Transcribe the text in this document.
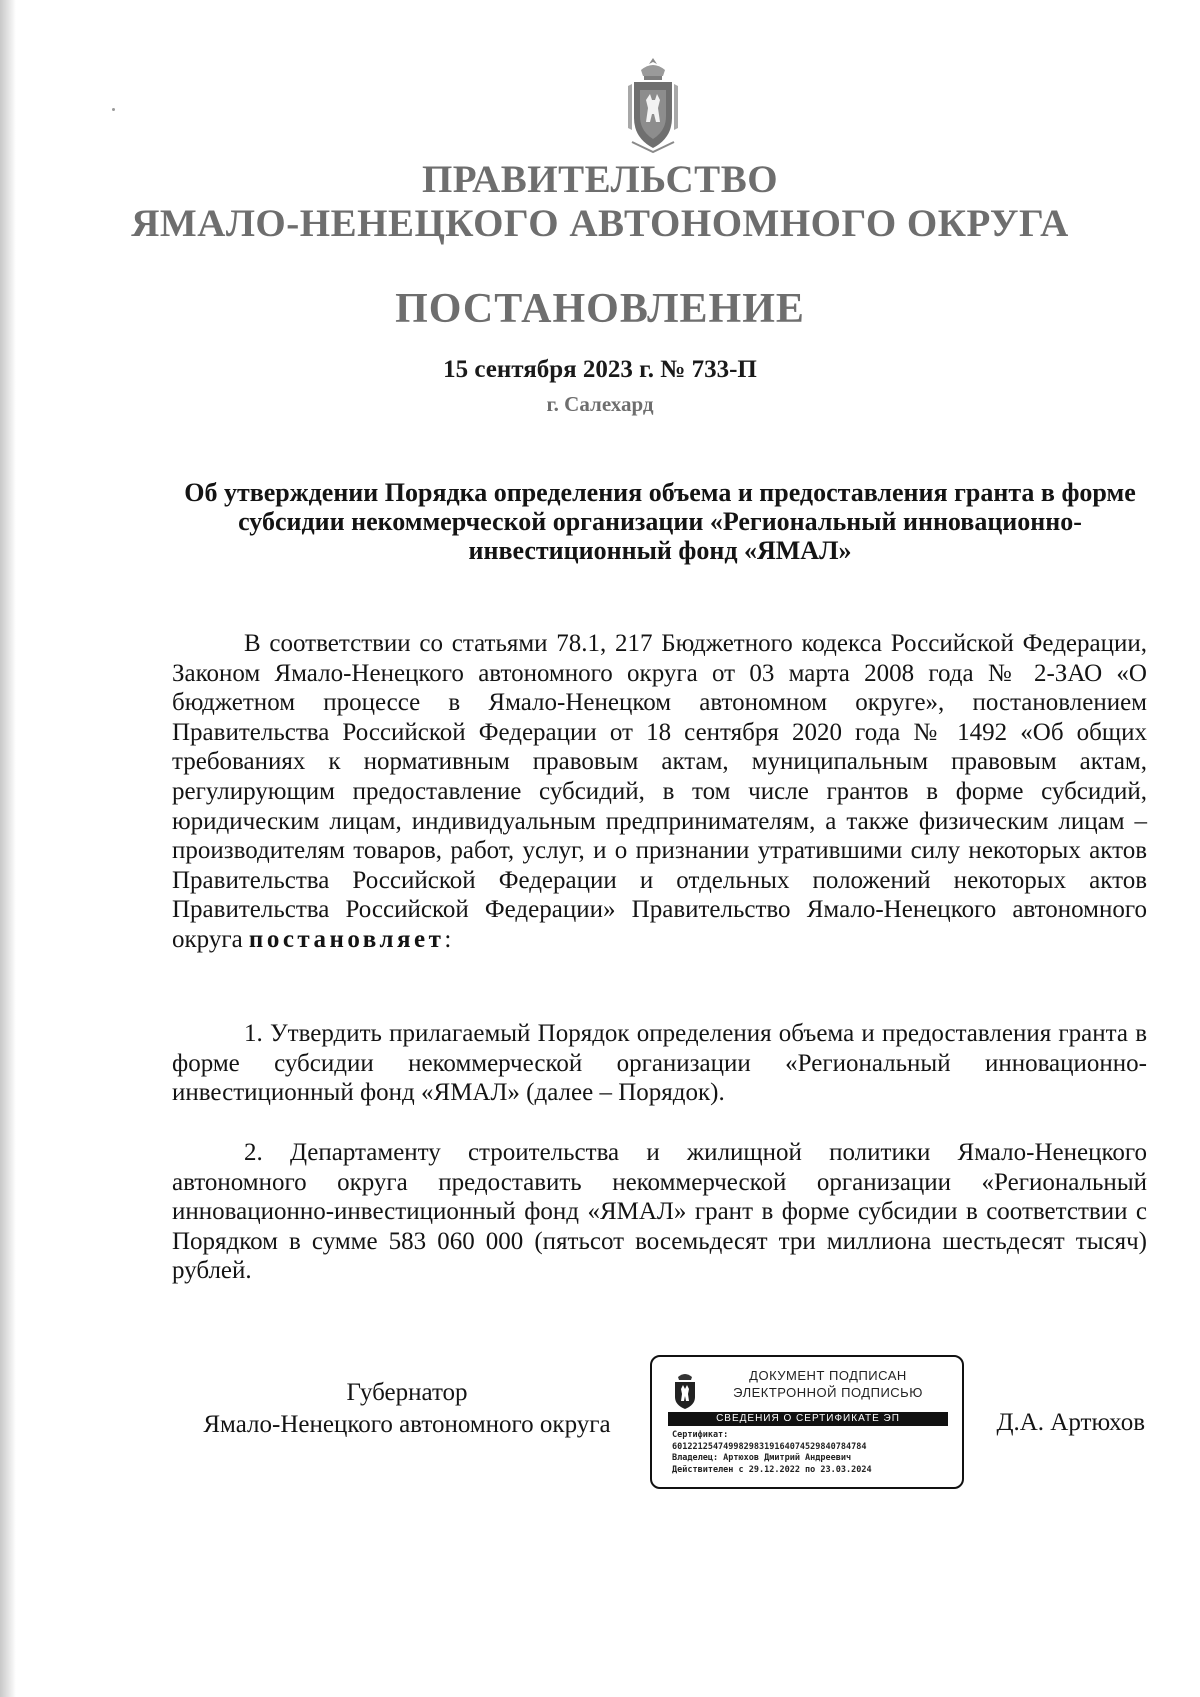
ПРАВИТЕЛЬСТВО
ЯМАЛО-НЕНЕЦКОГО АВТОНОМНОГО ОКРУГА
ПОСТАНОВЛЕНИЕ
15 сентября 2023 г. № 733-П
г. Салехард
Об утверждении Порядка определения объема и предоставления гранта в форме субсидии некоммерческой организации «Региональный инновационно-инвестиционный фонд «ЯМАЛ»

В соответствии со статьями 78.1, 217 Бюджетного кодекса Российской Федерации, Законом Ямало-Ненецкого автономного округа от 03 марта 2008 года № 2-ЗАО «О бюджетном процессе в Ямало-Ненецком автономном округе», постановлением Правительства Российской Федерации от 18 сентября 2020 года № 1492 «Об общих требованиях к нормативным правовым актам, муниципальным правовым актам, регулирующим предоставление субсидий, в том числе грантов в форме субсидий, юридическим лицам, индивидуальным предпринимателям, а также физическим лицам – производителям товаров, работ, услуг, и о признании утратившими силу некоторых актов Правительства Российской Федерации и отдельных положений некоторых актов Правительства Российской Федерации» Правительство Ямало-Ненецкого автономного округа постановляет:

1. Утвердить прилагаемый Порядок определения объема и предоставления гранта в форме субсидии некоммерческой организации «Региональный инновационно-инвестиционный фонд «ЯМАЛ» (далее – Порядок).

2. Департаменту строительства и жилищной политики Ямало-Ненецкого автономного округа предоставить некоммерческой организации «Региональный инновационно-инвестиционный фонд «ЯМАЛ» грант в форме субсидии в соответствии с Порядком в сумме 583 060 000 (пятьсот восемьдесят три миллиона шестьдесят тысяч) рублей.

Губернатор
Ямало-Ненецкого автономного округа
ДОКУМЕНТ ПОДПИСАН
ЭЛЕКТРОННОЙ ПОДПИСЬЮ
СВЕДЕНИЯ О СЕРТИФИКАТЕ ЭП
Сертификат:
60122125474998298319164074529840784784
Владелец: Артюхов Дмитрий Андреевич
Действителен с 29.12.2022 по 23.03.2024
Д.А. Артюхов
